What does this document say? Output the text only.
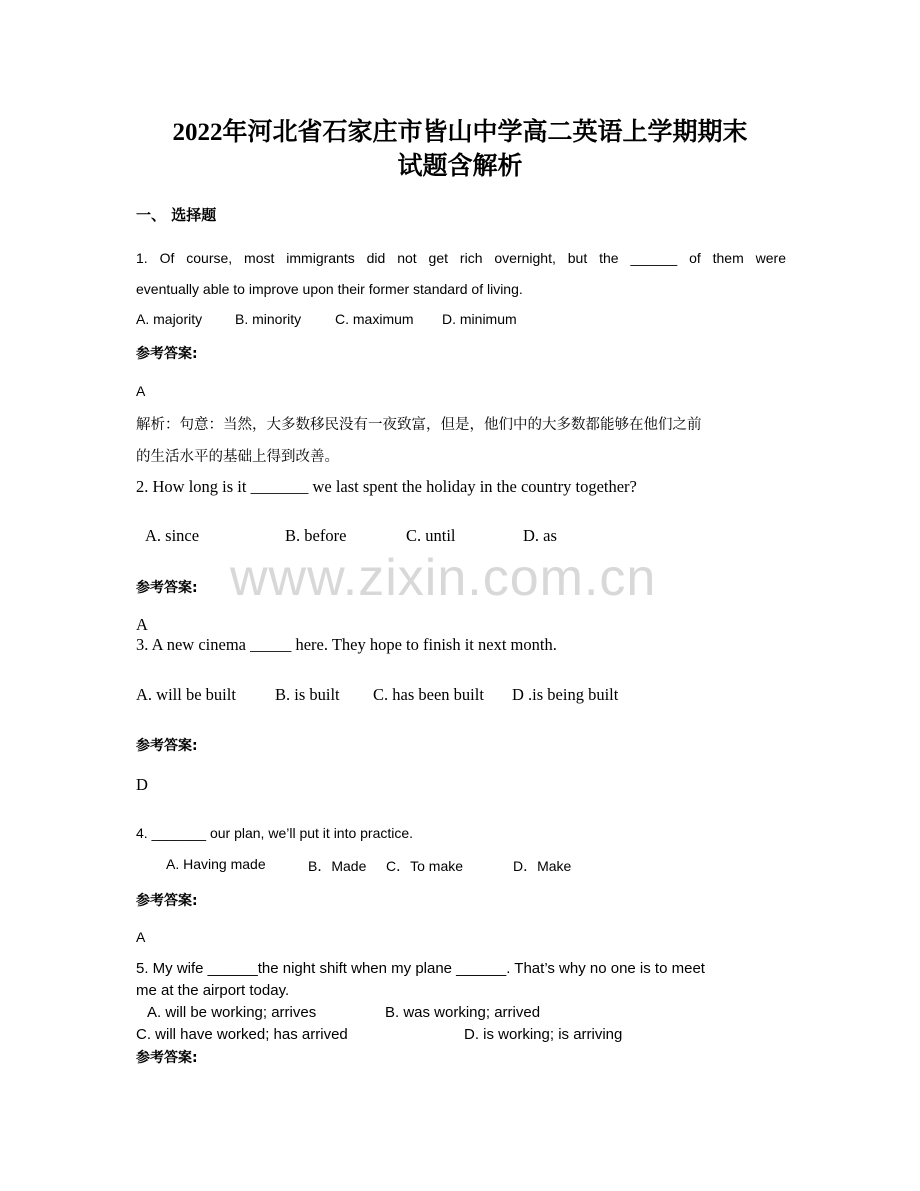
2022年河北省石家庄市皆山中学高二英语上学期期末
试题含解析
一、 选择题
www.zixin.com.cn
1. Of course, most immigrants did not get rich overnight, but the ______ of them were
eventually able to improve upon their former standard of living.
A. majority B. minority C. maximum D. minimum
参考答案:
A
解析：句意：当然，大多数移民没有一夜致富，但是，他们中的大多数都能够在他们之前
的生活水平的基础上得到改善。
2. How long is it _______ we last spent the holiday in the country together?
A. since	B. before	C. until	D. as
参考答案:
A
3. A new cinema _____ here. They hope to finish it next month.
A. will be built B. is built C. has been built D .is being built
参考答案:
D
4. _______ our plan, we’ll put it into practice.
A. Having made	B．Made C．To make	D．Make
参考答案:
A
5. My wife ______the night shift when my plane ______. That’s why no one is to meet
me at the airport today.
A. will be working; arrives	B. was working; arrived
C. will have worked; has arrived	D. is working; is arriving
参考答案:
